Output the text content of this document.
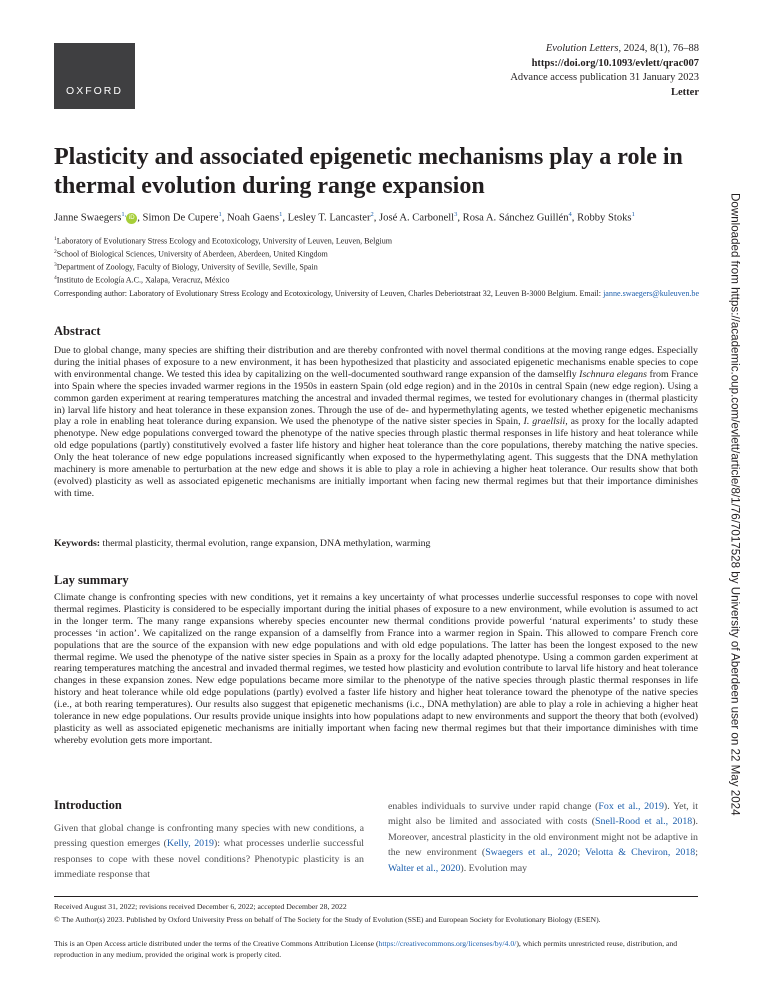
OXFORD
Evolution Letters, 2024, 8(1), 76–88
https://doi.org/10.1093/evlett/qrac007
Advance access publication 31 January 2023
Letter
Plasticity and associated epigenetic mechanisms play a role in thermal evolution during range expansion
Janne Swaegers$^{1,}$ iD , Simon De Cupere$^1$, Noah Gaens$^1$, Lesley T. Lancaster$^2$, José A. Carbonell$^3$, Rosa A. Sánchez Guillén$^4$, Robby Stoks$^1$
$^1$Laboratory of Evolutionary Stress Ecology and Ecotoxicology, University of Leuven, Leuven, Belgium
$^2$School of Biological Sciences, University of Aberdeen, Aberdeen, United Kingdom
$^3$Department of Zoology, Faculty of Biology, University of Seville, Seville, Spain
$^4$Instituto de Ecología A.C., Xalapa, Veracruz, México
Corresponding author: Laboratory of Evolutionary Stress Ecology and Ecotoxicology, University of Leuven, Charles Deberiotstraat 32, Leuven B-3000 Belgium. Email: janne.swaegers@kuleuven.be
Abstract

Due to global change, many species are shifting their distribution and are thereby confronted with novel thermal conditions at the moving range edges. Especially during the initial phases of exposure to a new environment, it has been hypothesized that plasticity and associated epigenetic mechanisms enable species to cope with environmental change. We tested this idea by capitalizing on the well-documented southward range expansion of the damselfly Ischnura elegans from France into Spain where the species invaded warmer regions in the 1950s in eastern Spain (old edge region) and in the 2010s in central Spain (new edge region). Using a common garden experiment at rearing temperatures matching the ancestral and invaded thermal regimes, we tested for evolutionary changes in (thermal plasticity in) larval life history and heat tolerance in these expansion zones. Through the use of de- and hypermethylating agents, we tested whether epigenetic mechanisms play a role in enabling heat tolerance during expansion. We used the phenotype of the native sister species in Spain, I. graellsii, as proxy for the locally adapted phenotype. New edge populations converged toward the phenotype of the native species through plastic thermal responses in life history and heat tolerance while old edge populations (partly) constitutively evolved a faster life history and higher heat tolerance than the core populations, thereby matching the native species. Only the heat tolerance of new edge populations increased significantly when exposed to the hypermethylating agent. This suggests that the DNA methylation machinery is more amenable to perturbation at the new edge and shows it is able to play a role in achieving a higher heat tolerance. Our results show that both (evolved) plasticity as well as associated epigenetic mechanisms are initially important when facing new thermal regimes but that their importance diminishes with time.

Keywords: thermal plasticity, thermal evolution, range expansion, DNA methylation, warming
Lay summary

Climate change is confronting species with new conditions, yet it remains a key uncertainty of what processes underlie successful responses to cope with novel thermal regimes. Plasticity is considered to be especially important during the initial phases of exposure to a new environment, while evolution is assumed to act in the longer term. The many range expansions whereby species encounter new thermal conditions provide powerful ‘natural experiments’ to study these processes ‘in action’. We capitalized on the range expansion of a damselfly from France into a warmer region in Spain. This allowed to compare French core populations that are the source of the expansion with new edge populations and with old edge populations. The latter has been the longest exposed to the new thermal regime. We used the phenotype of the native sister species in Spain as a proxy for the locally adapted phenotype. Using a common garden experiment at rearing temperatures matching the ancestral and invaded thermal regimes, we tested how plasticity and evolution contribute to larval life history and heat tolerance changes in these expansion zones. New edge populations became more similar to the phenotype of the native species through plastic thermal responses in life history and heat tolerance while old edge populations (partly) evolved a faster life history and higher heat tolerance toward the phenotype of the native species (i.e., at both rearing temperatures). Our results also suggest that epigenetic mechanisms (i.c., DNA methylation) are able to play a role in achieving a higher heat tolerance in new edge populations. Our results provide unique insights into how populations adapt to new environments and support the theory that both (evolved) plasticity as well as associated epigenetic mechanisms are initially important when facing new thermal regimes but that their importance diminishes with time whereby evolution gets more important.

Introduction

Given that global change is confronting many species with new conditions, a pressing question emerges (Kelly, 2019): what processes underlie successful responses to cope with these novel conditions? Phenotypic plasticity is an immediate response that

enables individuals to survive under rapid change (Fox et al., 2019). Yet, it might also be limited and associated with costs (Snell-Rood et al., 2018). Moreover, ancestral plasticity in the old environment might not be adaptive in the new environment (Swaegers et al., 2020; Velotta & Cheviron, 2018; Walter et al., 2020). Evolution may

Received August 31, 2022; revisions received December 6, 2022; accepted December 28, 2022
© The Author(s) 2023. Published by Oxford University Press on behalf of The Society for the Study of Evolution (SSE) and European Society for Evolutionary Biology (ESEN).
This is an Open Access article distributed under the terms of the Creative Commons Attribution License (https://creativecommons.org/licenses/by/4.0/), which permits unrestricted reuse, distribution, and reproduction in any medium, provided the original work is properly cited.
Downloaded from https://academic.oup.com/evlett/article/8/1/76/7017528 by University of Aberdeen user on 22 May 2024
